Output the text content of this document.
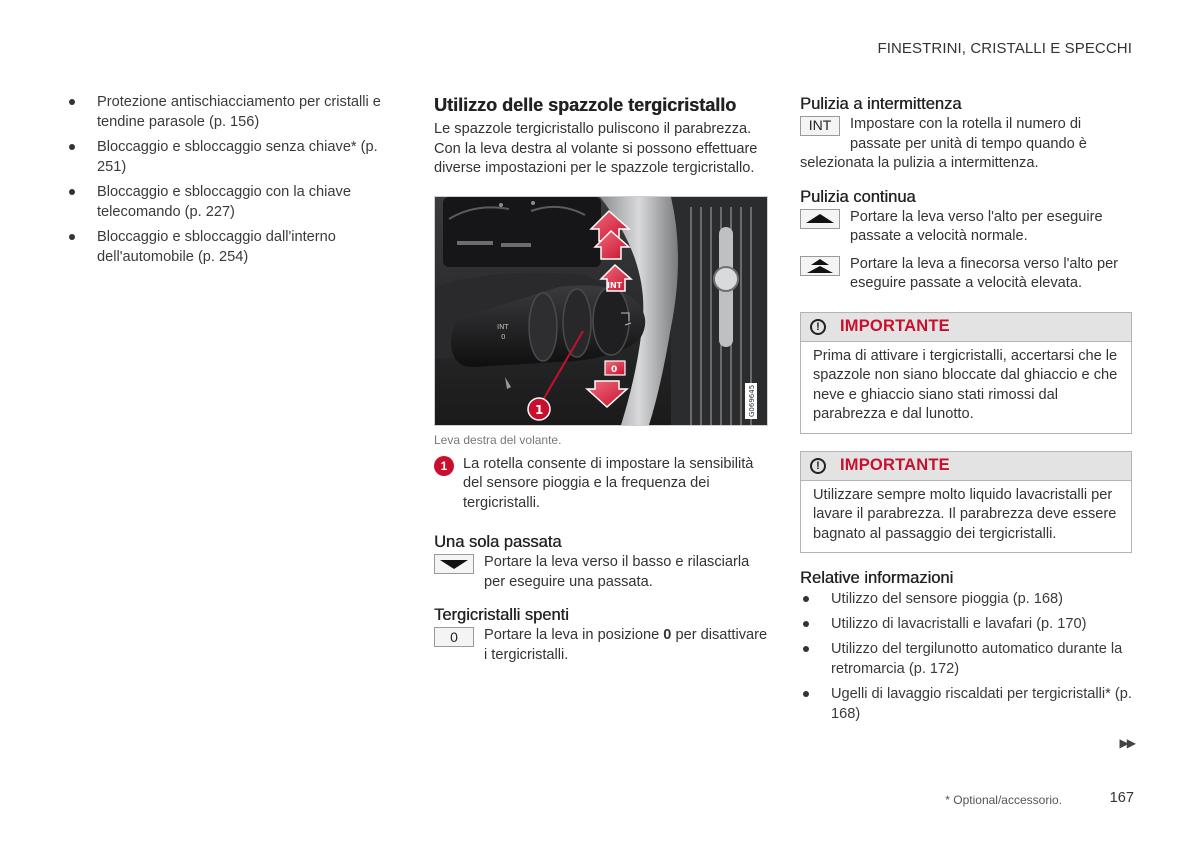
FINESTRINI, CRISTALLI E SPECCHI
Protezione antischiacciamento per cristalli e tendine parasole (p. 156)
Bloccaggio e sbloccaggio senza chiave* (p. 251)
Bloccaggio e sbloccaggio con la chiave telecomando (p. 227)
Bloccaggio e sbloccaggio dall'interno dell'automobile (p. 254)
Utilizzo delle spazzole tergicristallo

Le spazzole tergicristallo puliscono il parabrezza. Con la leva destra al volante si possono effettuare diverse impostazioni per le spazzole tergicristallo.

INT
0
INT
0
1	G069645
Leva destra del volante.
1	La rotella consente di impostare la sensibilità del sensore pioggia e la frequenza dei tergicristalli.

Una sola passata

Portare la leva verso il basso e rilasciarla per eseguire una passata.

Tergicristalli spenti
0	Portare la leva in posizione 0 per disattivare i tergicristalli.

Pulizia a intermittenza

INT	Impostare con la rotella il numero di passate per unità di tempo quando è selezionata la pulizia a intermittenza.

Pulizia continua

Portare la leva verso l'alto per eseguire passate a velocità normale.

Portare la leva a finecorsa verso l'alto per eseguire passate a velocità elevata.

!	IMPORTANTE
Prima di attivare i tergicristalli, accertarsi che le spazzole non siano bloccate dal ghiaccio e che neve e ghiaccio siano stati rimossi dal parabrezza e dal lunotto.
!	IMPORTANTE
Utilizzare sempre molto liquido lavacristalli per lavare il parabrezza. Il parabrezza deve essere bagnato al passaggio dei tergicristalli.
Relative informazioni
Utilizzo del sensore pioggia (p. 168)
Utilizzo di lavacristalli e lavafari (p. 170)
Utilizzo del tergilunotto automatico durante la retromarcia (p. 172)
Ugelli di lavaggio riscaldati per tergicristalli* (p. 168)
▶▶
* Optional/accessorio.	167
